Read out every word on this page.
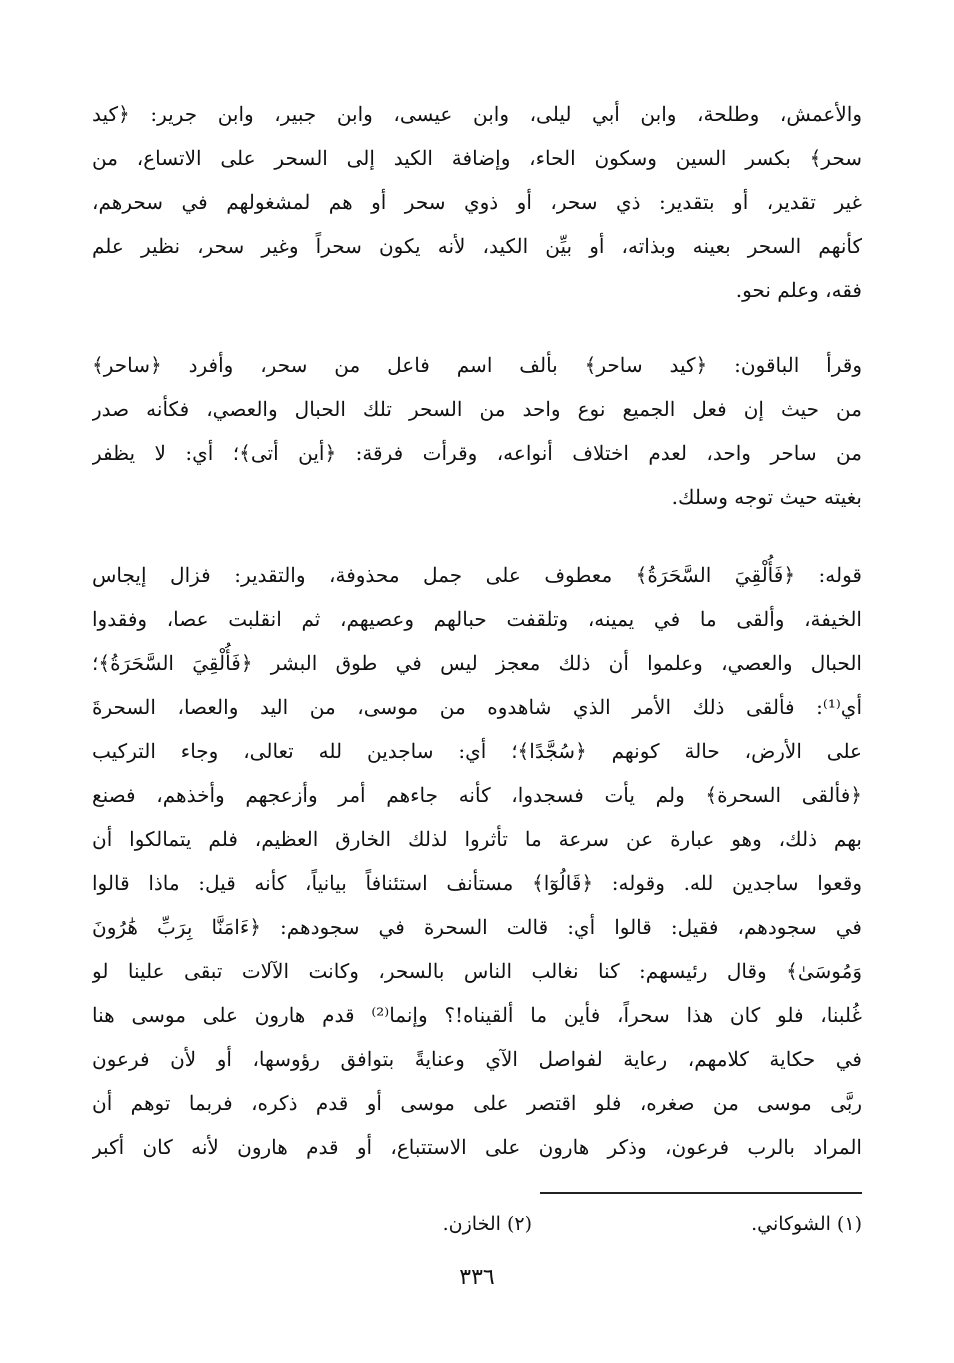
والأعمش، وطلحة، وابن أبي ليلى، وابن عيسى، وابن جبير، وابن جرير: ﴿كيد
سحر﴾ بكسر السين وسكون الحاء، وإضافة الكيد إلى السحر على الاتساع، من
غير تقدير، أو بتقدير: ذي سحر، أو ذوي سحر أو هم لمشغولهم في سحرهم،
كأنهم السحر بعينه وبذاته، أو بيِّن الكيد، لأنه يكون سحراً وغير سحر، نظير علم
فقه، وعلم نحو.
وقرأ الباقون: ﴿كيد ساحر﴾ بألف اسم فاعل من سحر، وأفرد ﴿ساحر﴾
من حيث إن فعل الجميع نوع واحد من السحر تلك الحبال والعصي، فكأنه صدر
من ساحر واحد، لعدم اختلاف أنواعه، وقرأت فرقة: ﴿أين أتى﴾؛ أي: لا يظفر
بغيته حيث توجه وسلك.
قوله: ﴿فَأُلْقِيَ السَّحَرَةُ﴾ معطوف على جمل محذوفة، والتقدير: فزال إيجاس
الخيفة، وألقى ما في يمينه، وتلقفت حبالهم وعصيهم، ثم انقلبت عصا، وفقدوا
الحبال والعصي، وعلموا أن ذلك معجز ليس في طوق البشر ﴿فَأُلْقِيَ السَّحَرَةُ﴾؛
أي⁽¹⁾: فألقى ذلك الأمر الذي شاهدوه من موسى، من اليد والعصا، السحرةَ
على الأرض، حالة كونهم ﴿سُجَّدًا﴾؛ أي: ساجدين لله تعالى، وجاء التركيب
﴿فألقى السحرة﴾ ولم يأت فسجدوا، كأنه جاءهم أمر وأزعجهم وأخذهم، فصنع
بهم ذلك، وهو عبارة عن سرعة ما تأثروا لذلك الخارق العظيم، فلم يتمالكوا أن
وقعوا ساجدين لله. وقوله: ﴿قَالُوٓا﴾ مستأنف استئنافاً بيانياً، كأنه قيل: ماذا قالوا
في سجودهم، فقيل: قالوا أي: قالت السحرة في سجودهم: ﴿ءَامَنَّا بِرَبِّ هَٰرُونَ
وَمُوسَىٰ﴾ وقال رئيسهم: كنا نغالب الناس بالسحر، وكانت الآلات تبقى علينا لو
غُلبنا، فلو كان هذا سحراً، فأين ما ألقيناه!؟ وإنما⁽²⁾ قدم هارون على موسى هنا
في حكاية كلامهم، رعاية لفواصل الآي وعنايةً بتوافق رؤوسها، أو لأن فرعون
ربَّى موسى من صغره، فلو اقتصر على موسى أو قدم ذكره، فربما توهم أن
المراد بالرب فرعون، وذكر هارون على الاستتباع، أو قدم هارون لأنه كان أكبر
(١) الشوكاني.
(٢) الخازن.
٣٣٦
